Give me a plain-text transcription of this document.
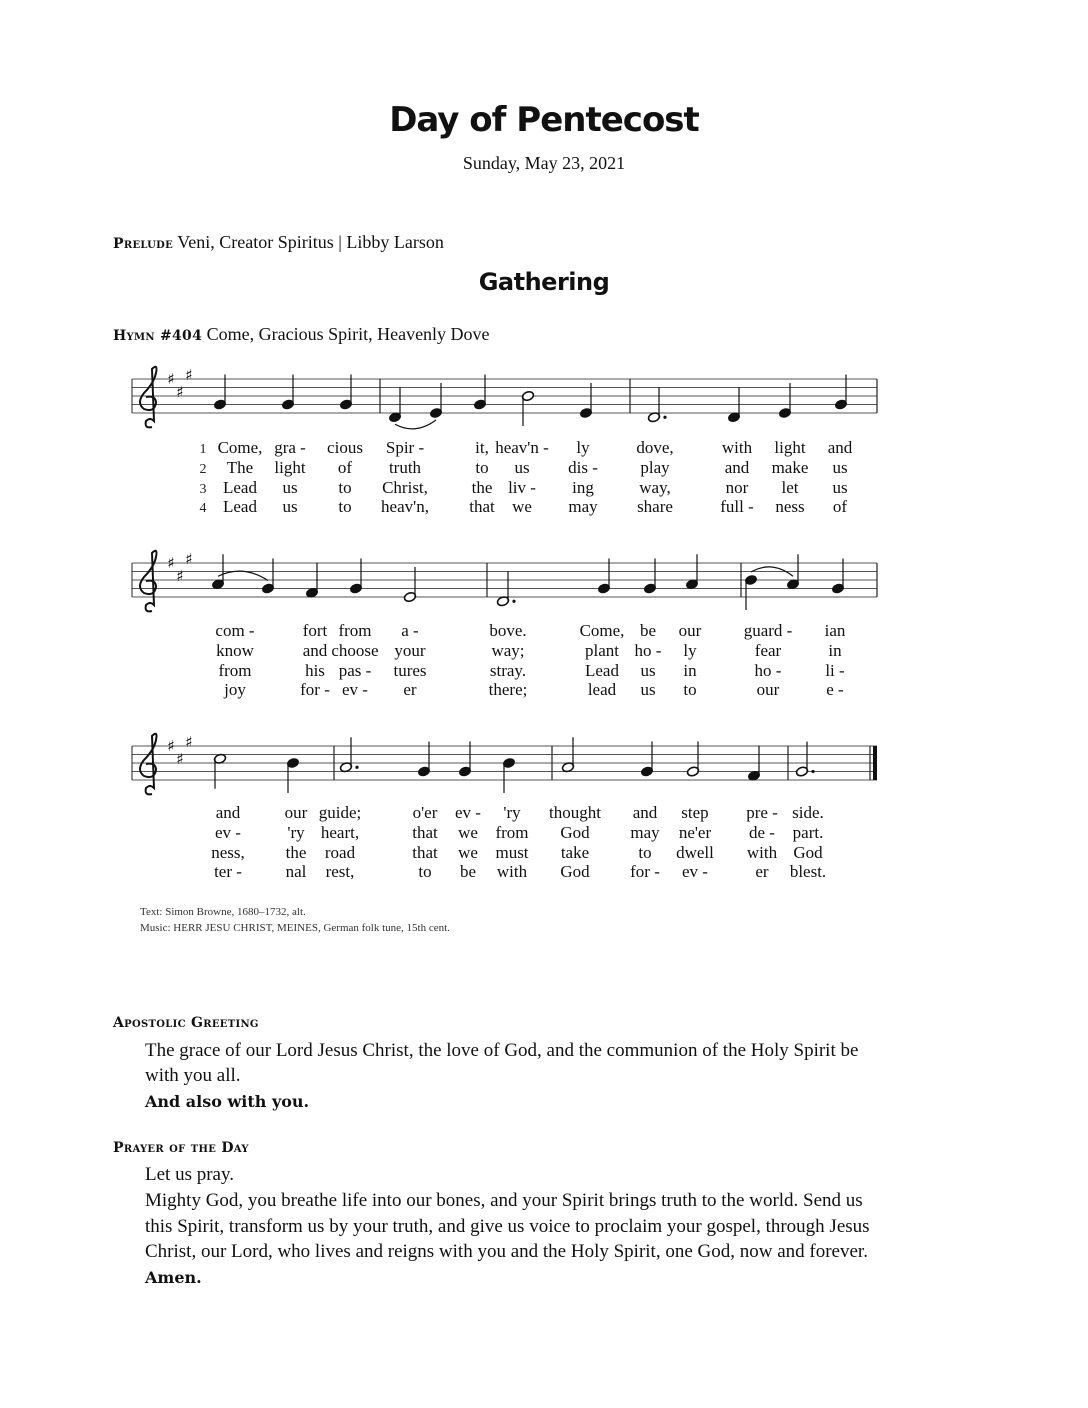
Day of Pentecost
Sunday, May 23, 2021
Prelude Veni, Creator Spiritus | Libby Larson
Gathering
Hymn #404 Come, Gracious Spirit, Heavenly Dove
♯
♯
♯
1 Come, gra - cious Spir -	it, heav'n - ly	dove,	with light and
2 The light of truth	to us dis - play	and make us
3 Lead us to Christ,	the liv - ing	way,	nor let us
4 Lead us to heav'n, that we may share	full - ness of
♯
♯
♯
com -	fort from a -	bove.	Come, be our guard - ian
know	and choose your	way;	plant ho - ly	fear	in
from	his pas - tures	stray.	Lead us in	ho -	li -
joy	for - ev - er	there;	lead us to	our	e -
♯
♯
♯
and	our guide;	o'er ev - 'ry thought and step pre - side.
ev -	'ry heart,	that we from God may ne'er de - part.
ness, the road	that we must take	to dwell with God
ter -	nal rest,	to be with God for - ev -	er blest.
Text: Simon Browne, 1680–1732, alt.
Music: HERR JESU CHRIST, MEINES, German folk tune, 15th cent.
Apostolic Greeting
The grace of our Lord Jesus Christ, the love of God, and the communion of the Holy Spirit be
with you all.
And also with you.
Prayer of the Day
Let us pray.
Mighty God, you breathe life into our bones, and your Spirit brings truth to the world. Send us
this Spirit, transform us by your truth, and give us voice to proclaim your gospel, through Jesus
Christ, our Lord, who lives and reigns with you and the Holy Spirit, one God, now and forever.
Amen.
